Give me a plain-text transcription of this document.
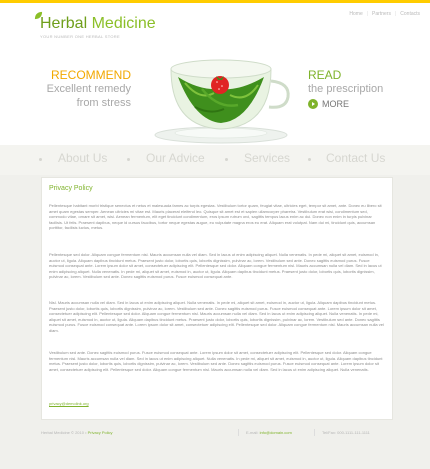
Herbal Medicine
YOUR NUMBER ONE HERBAL STORE
Home | Partners | Contacts
RECOMMEND
Excellent remedy
from stress
READ
the prescription
MORE
About Us	Our Advice	Services	Contact Us
Privacy Policy

Pellentesque habitant morbi tristique senectus et netus et malesuada fames ac turpis egestas. Vestibulum tortor quam, feugiat vitae, ultricies eget, tempor sit amet, ante. Donec eu libero sit amet quam egestas semper. Aenean ultricies mi vitae est. Mauris placerat eleifend leo. Quisque sit amet est et sapien ullamcorper pharetra. Vestibulum erat wisi, condimentum sed, commodo vitae, ornare sit amet, wisi. Aenean fermentum, elit eget tincidunt condimentum, eros ipsum rutrum orci, sagittis tempus lacus enim ac dui. Donec non enim in turpis pulvinar facilisis. Ut felis. Praesent dapibus, neque id cursus faucibus, tortor neque egestas augue, eu vulputate magna eros eu erat. Aliquam erat volutpat. Nam dui mi, tincidunt quis, accumsan porttitor, facilisis luctus, metus.

Pellentesque sed dolor. Aliquam congue fermentum nisl. Mauris accumsan nulla vel diam. Sed in lacus ut enim adipiscing aliquet. Nulla venenatis. In pede mi, aliquet sit amet, euismod in, auctor ut, ligula. Aliquam dapibus tincidunt metus. Praesent justo dolor, lobortis quis, lobortis dignissim, pulvinar ac, lorem. Vestibulum sed ante. Donec sagittis euismod purus. Fusce euismod consequat ante. Lorem ipsum dolor sit amet, consectetuer adipiscing elit. Pellentesque sed dolor. Aliquam congue fermentum nisl. Mauris accumsan nulla vel diam. Sed in lacus ut enim adipiscing aliquet. Nulla venenatis. In pede mi, aliquet sit amet, euismod in, auctor ut, ligula. Aliquam dapibus tincidunt metus. Praesent justo dolor, lobortis quis, lobortis dignissim, pulvinar ac, lorem. Vestibulum sed ante. Donec sagittis euismod purus. Fusce euismod consequat ante.

Nisl. Mauris accumsan nulla vel diam. Sed in lacus ut enim adipiscing aliquet. Nulla venenatis. In pede mi, aliquet sit amet, euismod in, auctor ut, ligula. Aliquam dapibus tincidunt metus. Praesent justo dolor, lobortis quis, lobortis dignissim, pulvinar ac, lorem. Vestibulum sed ante. Donec sagittis euismod purus. Fusce euismod consequat ante. Lorem ipsum dolor sit amet, consectetuer adipiscing elit. Pellentesque sed dolor. Aliquam congue fermentum nisl. Mauris accumsan nulla vel diam. Sed in lacus ut enim adipiscing aliquet. Nulla venenatis. In pede mi, aliquet sit amet, euismod in, auctor ut, ligula. Aliquam dapibus tincidunt metus. Praesent justo dolor, lobortis quis, lobortis dignissim, pulvinar ac, lorem. Vestibulum sed ante. Donec sagittis euismod purus. Fusce euismod consequat ante. Lorem ipsum dolor sit amet, consectetuer adipiscing elit. Pellentesque sed dolor. Aliquam congue fermentum nisl. Mauris accumsan nulla vel diam.

Vestibulum sed ante. Donec sagittis euismod purus. Fusce euismod consequat ante. Lorem ipsum dolor sit amet, consectetuer adipiscing elit. Pellentesque sed dolor. Aliquam congue fermentum nisl. Mauris accumsan nulla vel diam. Sed in lacus ut enim adipiscing aliquet. Nulla venenatis. In pede mi, aliquet sit amet, euismod in, auctor ut, ligula. Aliquam dapibus tincidunt metus. Praesent justo dolor, lobortis quis, lobortis dignissim, pulvinar ac, lorem. Vestibulum sed ante. Donec sagittis euismod purus. Fusce euismod consequat ante. Lorem ipsum dolor sit amet, consectetuer adipiscing elit. Pellentesque sed dolor. Aliquam congue fermentum nisl. Mauris accumsan nulla vel diam. Sed in lacus ut enim adipiscing aliquet. Nulla venenatis.

privacy@demolink.org
Herbal Medicine © 2010 • Privacy Policy	E-mail: info@domain.com	Tel/Fax: 000-1111-111-1111
